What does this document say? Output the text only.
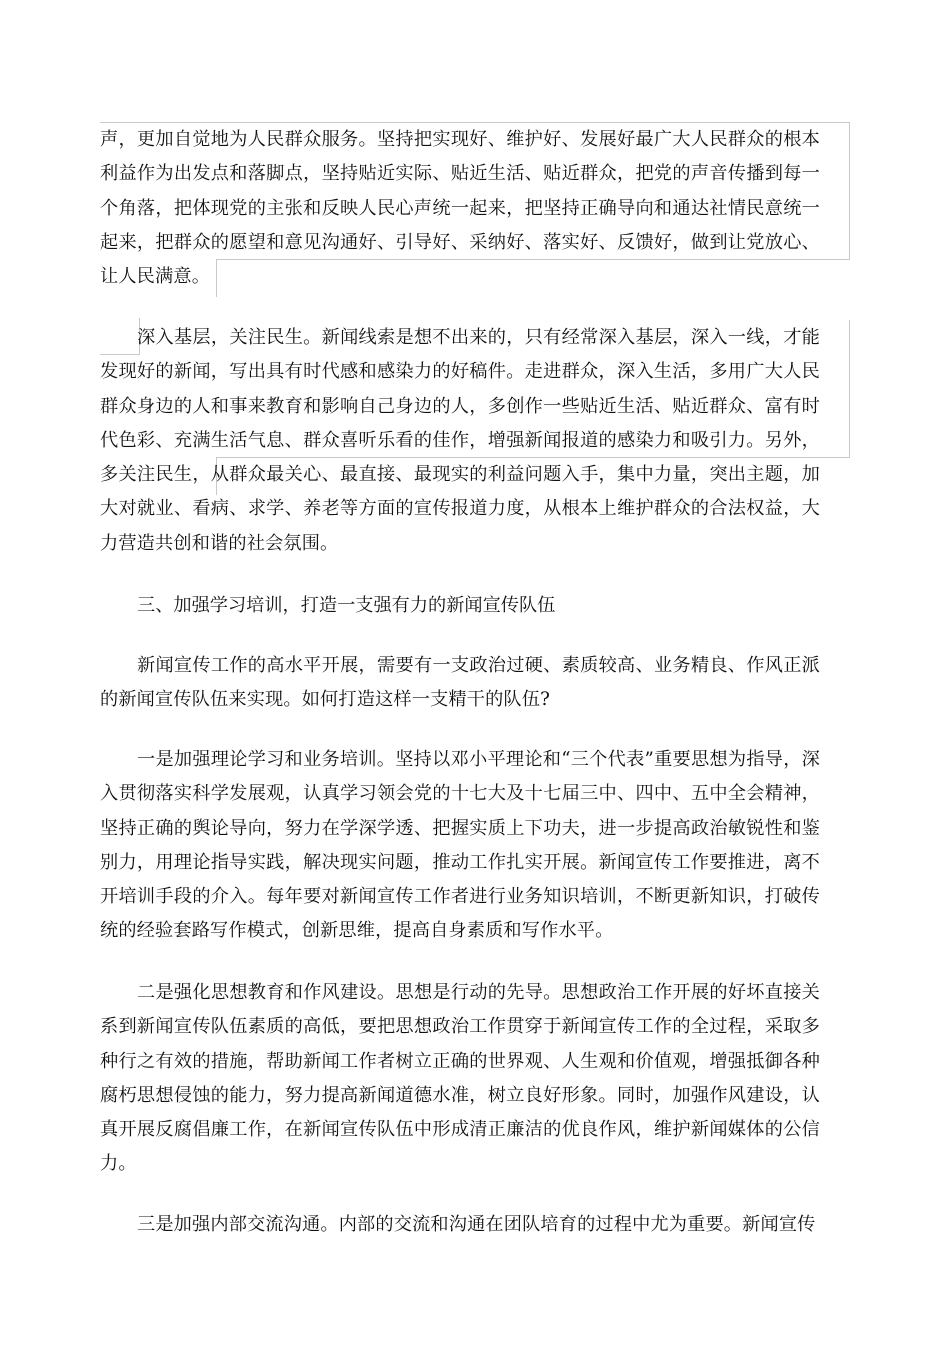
声，更加自觉地为人民群众服务。坚持把实现好、维护好、发展好最广大人民群众的根本利益作为出发点和落脚点，坚持贴近实际、贴近生活、贴近群众，把党的声音传播到每一个角落，把体现党的主张和反映人民心声统一起来，把坚持正确导向和通达社情民意统一起来，把群众的愿望和意见沟通好、引导好、采纳好、落实好、反馈好，做到让党放心、让人民满意。

深入基层，关注民生。新闻线索是想不出来的，只有经常深入基层，深入一线，才能发现好的新闻，写出具有时代感和感染力的好稿件。走进群众，深入生活，多用广大人民群众身边的人和事来教育和影响自己身边的人，多创作一些贴近生活、贴近群众、富有时代色彩、充满生活气息、群众喜听乐看的佳作，增强新闻报道的感染力和吸引力。另外，多关注民生，从群众最关心、最直接、最现实的利益问题入手，集中力量，突出主题，加大对就业、看病、求学、养老等方面的宣传报道力度，从根本上维护群众的合法权益，大力营造共创和谐的社会氛围。

三、加强学习培训，打造一支强有力的新闻宣传队伍

新闻宣传工作的高水平开展，需要有一支政治过硬、素质较高、业务精良、作风正派的新闻宣传队伍来实现。如何打造这样一支精干的队伍?

一是加强理论学习和业务培训。坚持以邓小平理论和“三个代表”重要思想为指导，深入贯彻落实科学发展观，认真学习领会党的十七大及十七届三中、四中、五中全会精神，坚持正确的舆论导向，努力在学深学透、把握实质上下功夫，进一步提高政治敏锐性和鉴别力，用理论指导实践，解决现实问题，推动工作扎实开展。新闻宣传工作要推进，离不开培训手段的介入。每年要对新闻宣传工作者进行业务知识培训，不断更新知识，打破传统的经验套路写作模式，创新思维，提高自身素质和写作水平。

二是强化思想教育和作风建设。思想是行动的先导。思想政治工作开展的好坏直接关系到新闻宣传队伍素质的高低，要把思想政治工作贯穿于新闻宣传工作的全过程，采取多种行之有效的措施，帮助新闻工作者树立正确的世界观、人生观和价值观，增强抵御各种腐朽思想侵蚀的能力，努力提高新闻道德水准，树立良好形象。同时，加强作风建设，认真开展反腐倡廉工作，在新闻宣传队伍中形成清正廉洁的优良作风，维护新闻媒体的公信力。

三是加强内部交流沟通。内部的交流和沟通在团队培育的过程中尤为重要。新闻宣传
